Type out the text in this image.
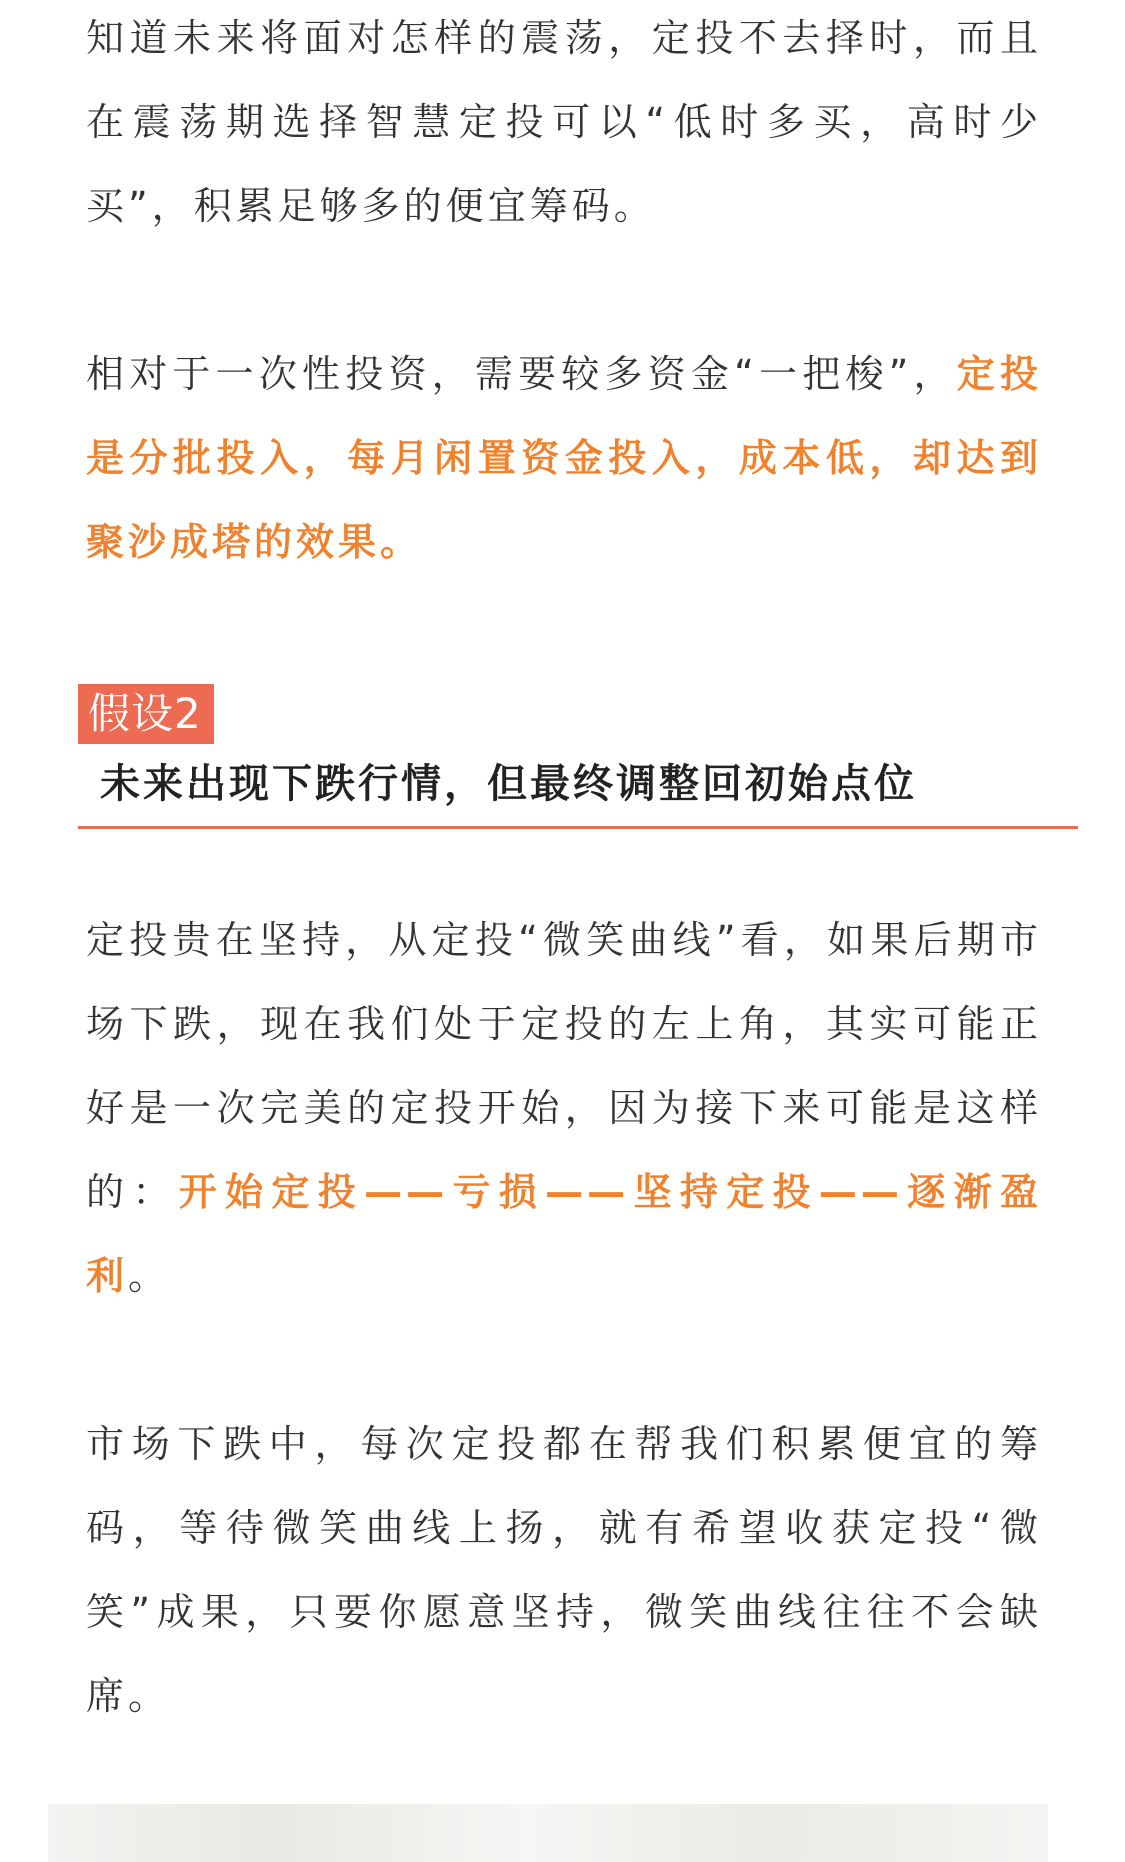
知道未来将面对怎样的震荡，定投不去择时，而且在震荡期选择智慧定投可以“低时多买，高时少买”，积累足够多的便宜筹码。

相对于一次性投资，需要较多资金“一把梭”，定投是分批投入，每月闲置资金投入，成本低，却达到聚沙成塔的效果。

假设2
未来出现下跌行情，但最终调整回初始点位

定投贵在坚持，从定投“微笑曲线”看，如果后期市场下跌，现在我们处于定投的左上角，其实可能正好是一次完美的定投开始，因为接下来可能是这样的：开始定投——亏损——坚持定投——逐渐盈利。

市场下跌中，每次定投都在帮我们积累便宜的筹码，等待微笑曲线上扬，就有希望收获定投“微笑”成果，只要你愿意坚持，微笑曲线往往不会缺席。
